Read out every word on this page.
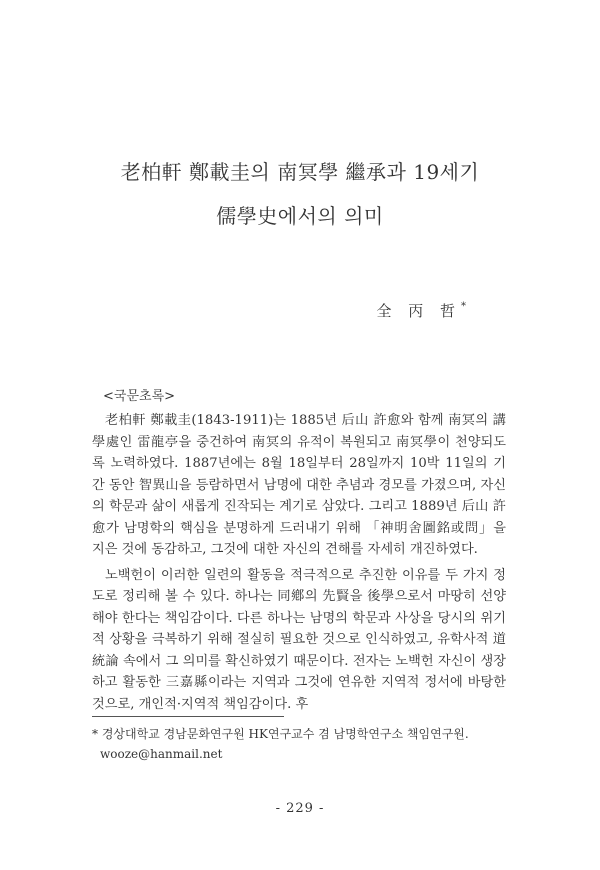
老柏軒 鄭載圭의 南冥學 繼承과 19세기
儒學史에서의 의미
全 丙 哲*
<국문초록>

老柏軒 鄭載圭(1843-1911)는 1885년 后山 許愈와 함께 南冥의 講學處인 雷龍亭을 중건하여 南冥의 유적이 복원되고 南冥學이 천양되도록 노력하였다. 1887년에는 8월 18일부터 28일까지 10박 11일의 기간 동안 智異山을 등람하면서 남명에 대한 추념과 경모를 가졌으며, 자신의 학문과 삶이 새롭게 진작되는 계기로 삼았다. 그리고 1889년 后山 許愈가 남명학의 핵심을 분명하게 드러내기 위해 「神明舍圖銘或問」을 지은 것에 동감하고, 그것에 대한 자신의 견해를 자세히 개진하였다.

노백헌이 이러한 일련의 활동을 적극적으로 추진한 이유를 두 가지 정도로 정리해 볼 수 있다. 하나는 同鄕의 先賢을 後學으로서 마땅히 선양해야 한다는 책임감이다. 다른 하나는 남명의 학문과 사상을 당시의 위기적 상황을 극복하기 위해 절실히 필요한 것으로 인식하였고, 유학사적 道統論 속에서 그 의미를 확신하였기 때문이다. 전자는 노백헌 자신이 생장하고 활동한 三嘉縣이라는 지역과 그것에 연유한 지역적 정서에 바탕한 것으로, 개인적·지역적 책임감이다. 후

* 경상대학교 경남문화연구원 HK연구교수 겸 남명학연구소 책임연구원.
wooze@hanmail.net
- 229 -
